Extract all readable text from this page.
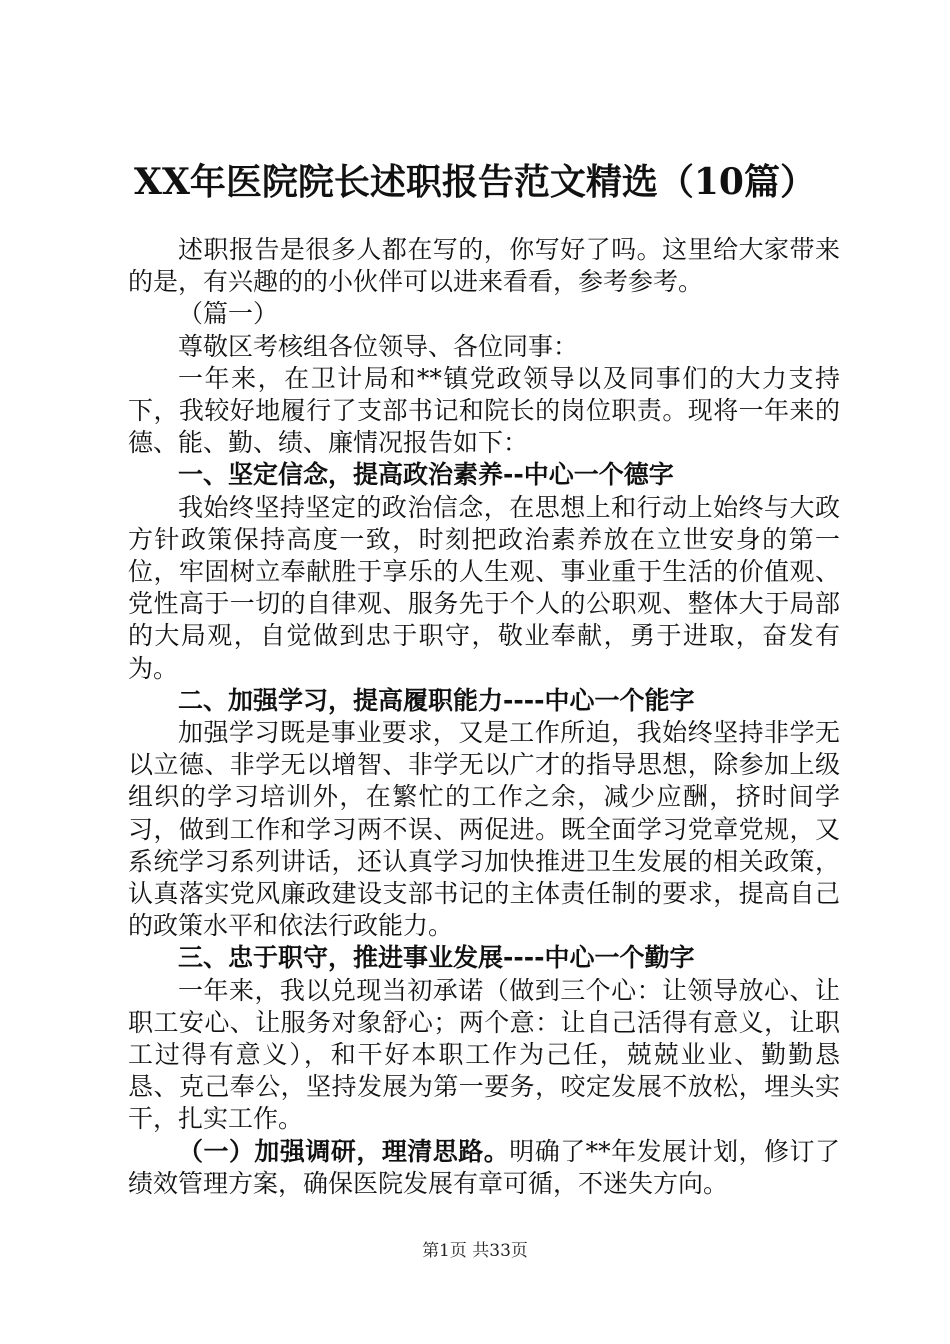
XX年医院院长述职报告范文精选（10篇）

述职报告是很多人都在写的，你写好了吗。这里给大家带来的是，有兴趣的的小伙伴可以进来看看，参考参考。

（篇一）

尊敬区考核组各位领导、各位同事：

一年来，在卫计局和**镇党政领导以及同事们的大力支持下，我较好地履行了支部书记和院长的岗位职责。现将一年来的德、能、勤、绩、廉情况报告如下：

一、坚定信念，提高政治素养--中心一个德字

我始终坚持坚定的政治信念，在思想上和行动上始终与大政方针政策保持高度一致，时刻把政治素养放在立世安身的第一位，牢固树立奉献胜于享乐的人生观、事业重于生活的价值观、党性高于一切的自律观、服务先于个人的公职观、整体大于局部的大局观，自觉做到忠于职守，敬业奉献，勇于进取，奋发有为。

二、加强学习，提高履职能力----中心一个能字

加强学习既是事业要求，又是工作所迫，我始终坚持非学无以立德、非学无以增智、非学无以广才的指导思想，除参加上级组织的学习培训外，在繁忙的工作之余，减少应酬，挤时间学习，做到工作和学习两不误、两促进。既全面学习党章党规，又系统学习系列讲话，还认真学习加快推进卫生发展的相关政策，认真落实党风廉政建设支部书记的主体责任制的要求，提高自己的政策水平和依法行政能力。

三、忠于职守，推进事业发展----中心一个勤字

一年来，我以兑现当初承诺（做到三个心：让领导放心、让职工安心、让服务对象舒心；两个意：让自己活得有意义，让职工过得有意义），和干好本职工作为己任，兢兢业业、勤勤恳恳、克己奉公，坚持发展为第一要务，咬定发展不放松，埋头实干，扎实工作。

（一）加强调研，理清思路。明确了**年发展计划，修订了绩效管理方案，确保医院发展有章可循，不迷失方向。

第1页 共33页
